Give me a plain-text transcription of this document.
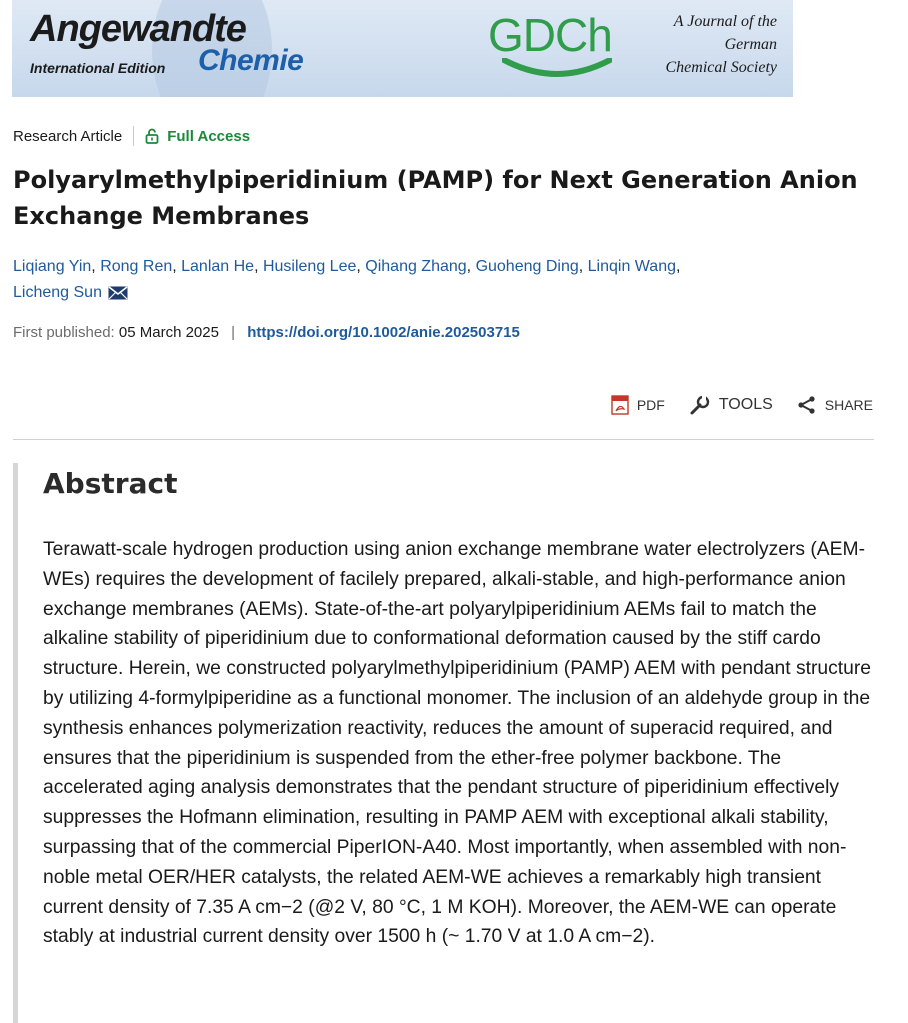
Angewandte
International Edition Chemie	GDCh	A Journal of the
German
Chemical Society
Research Article	Full Access
Polyarylmethylpiperidinium (PAMP) for Next Generation Anion Exchange Membranes
Liqiang Yin, Rong Ren, Lanlan He, Husileng Lee, Qihang Zhang, Guoheng Ding, Linqin Wang,
Licheng Sun
First published: 05 March 2025 | https://doi.org/10.1002/anie.202503715
PDF	TOOLS	SHARE
Abstract

Terawatt-scale hydrogen production using anion exchange membrane water electrolyzers (AEM-WEs) requires the development of facilely prepared, alkali-stable, and high-performance anion exchange membranes (AEMs). State-of-the-art polyarylpiperidinium AEMs fail to match the alkaline stability of piperidinium due to conformational deformation caused by the stiff cardo structure. Herein, we constructed polyarylmethylpiperidinium (PAMP) AEM with pendant structure by utilizing 4-formylpiperidine as a functional monomer. The inclusion of an aldehyde group in the synthesis enhances polymerization reactivity, reduces the amount of superacid required, and ensures that the piperidinium is suspended from the ether-free polymer backbone. The accelerated aging analysis demonstrates that the pendant structure of piperidinium effectively suppresses the Hofmann elimination, resulting in PAMP AEM with exceptional alkali stability, surpassing that of the commercial PiperION-A40. Most importantly, when assembled with non-noble metal OER/HER catalysts, the related AEM-WE achieves a remarkably high transient current density of 7.35 A cm−2 (@2 V, 80 °C, 1 M KOH). Moreover, the AEM-WE can operate stably at industrial current density over 1500 h (~ 1.70 V at 1.0 A cm−2).
